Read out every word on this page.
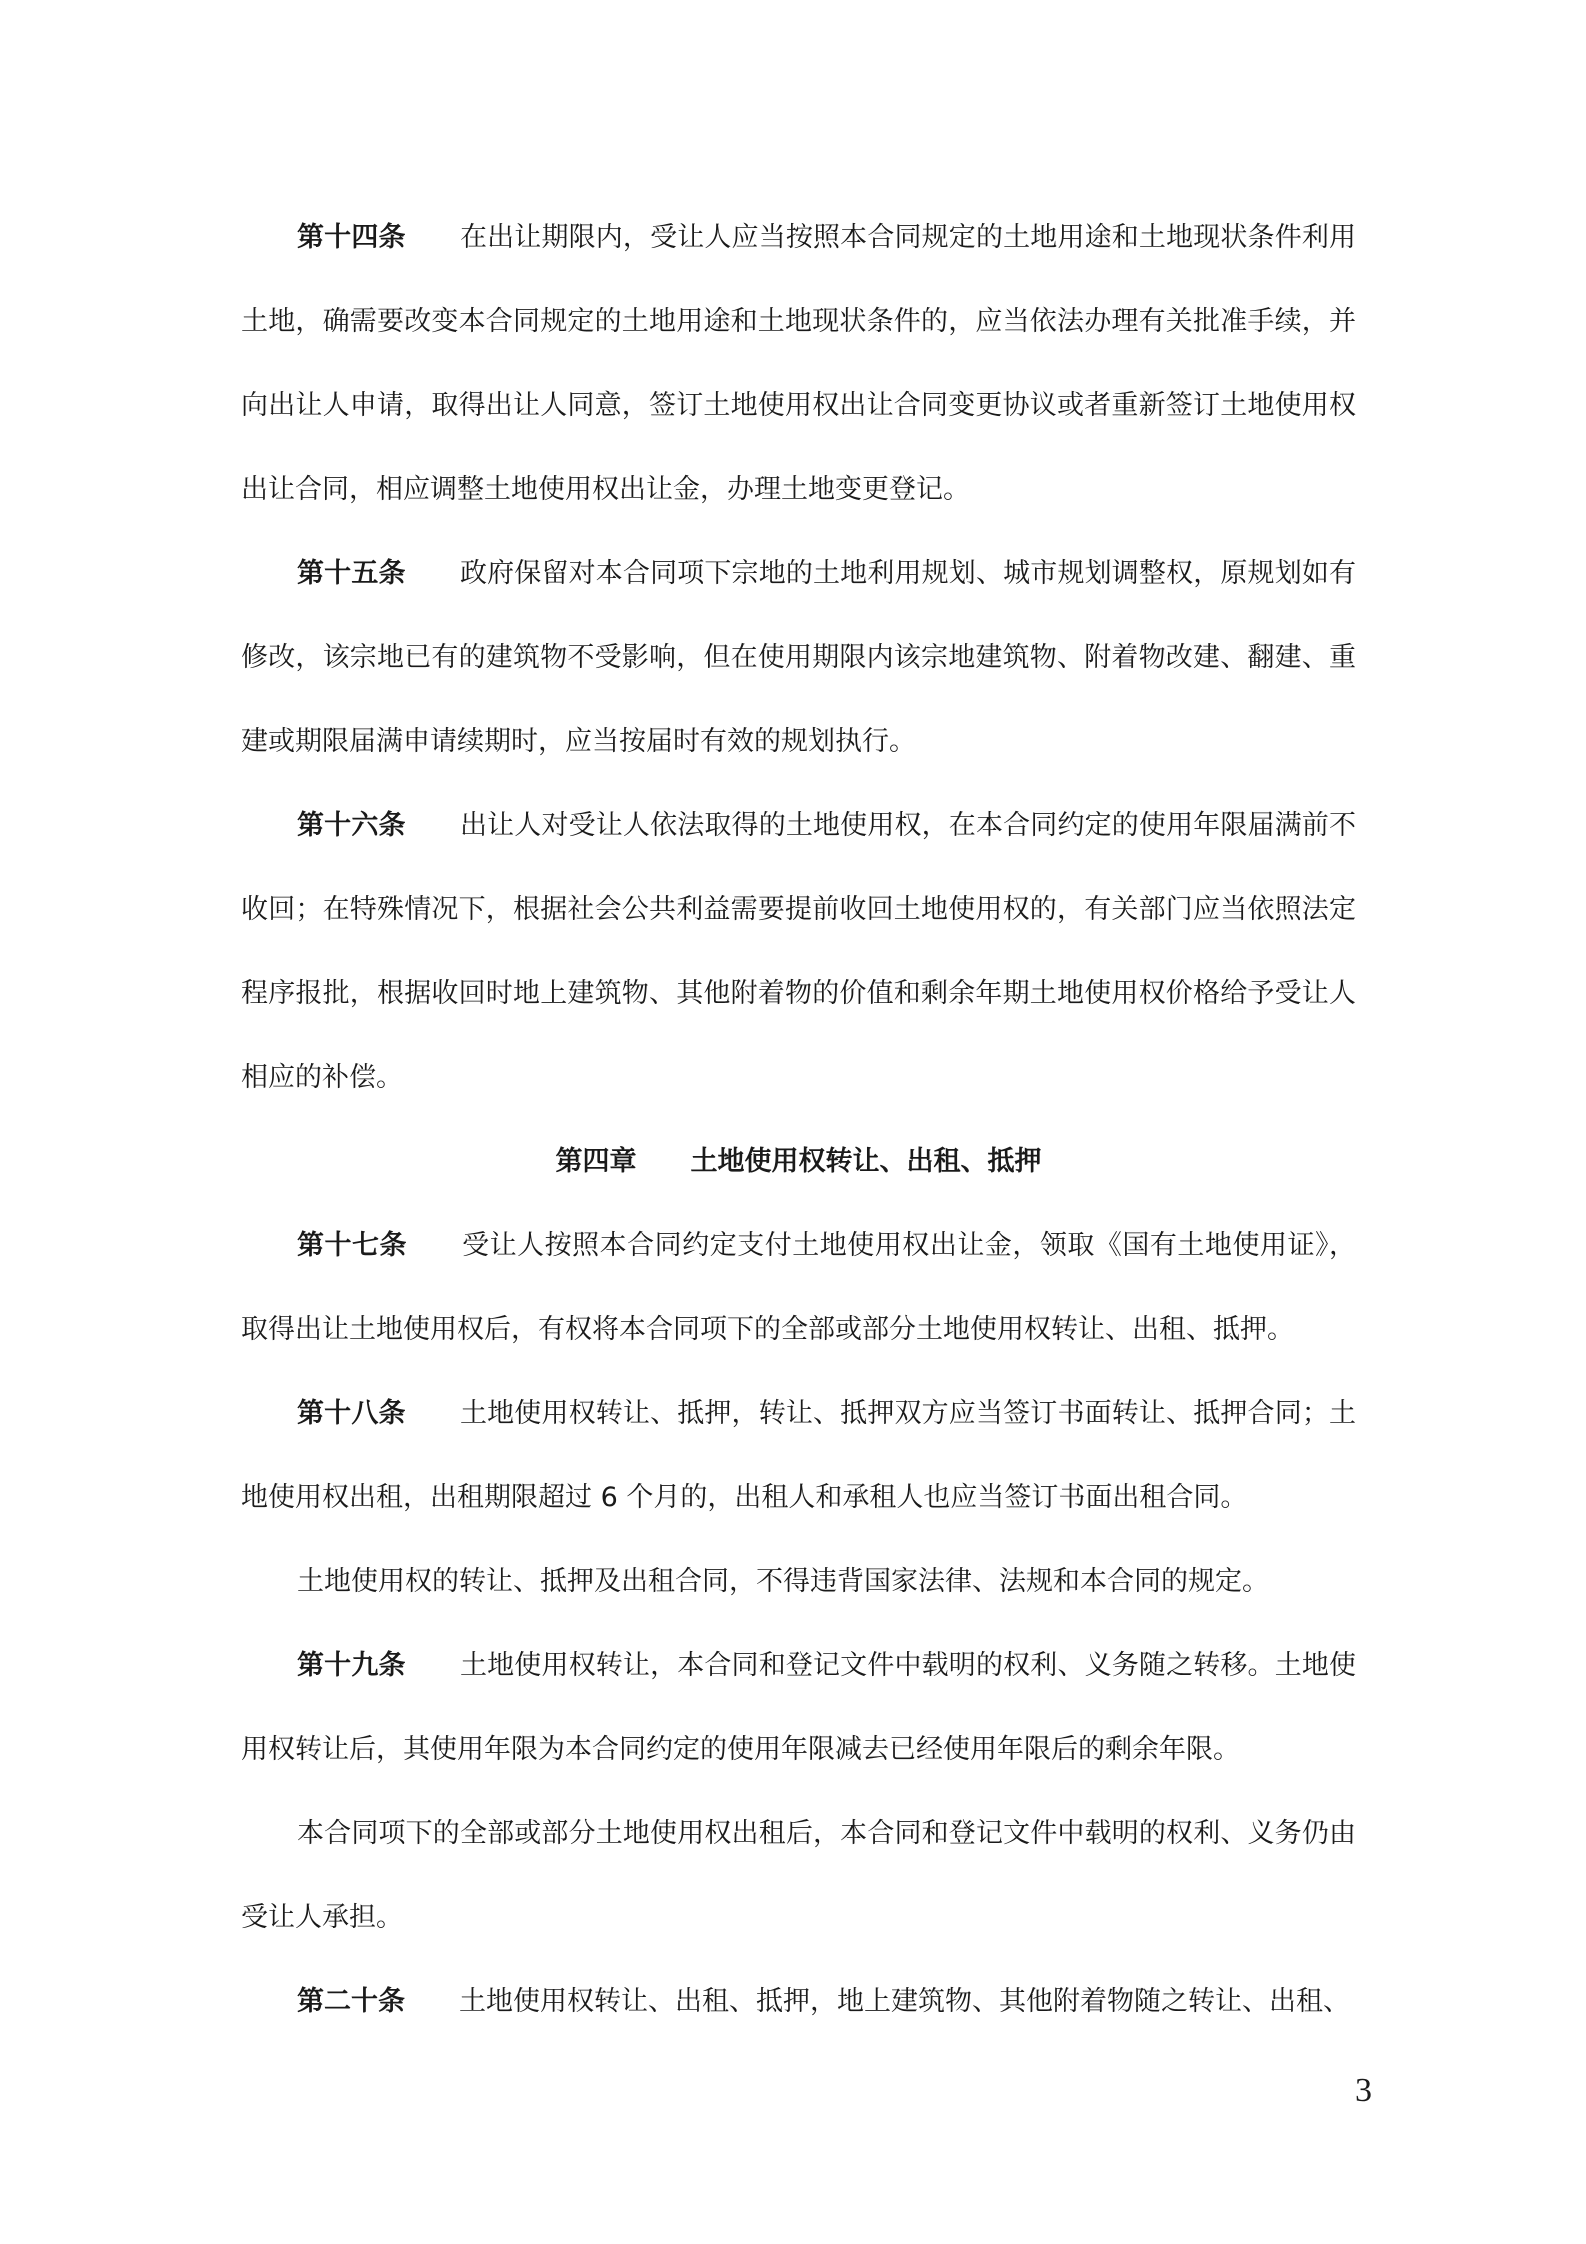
第十四条 在出让期限内，受让人应当按照本合同规定的土地用途和土地现状条件利用土地，确需要改变本合同规定的土地用途和土地现状条件的，应当依法办理有关批准手续，并向出让人申请，取得出让人同意，签订土地使用权出让合同变更协议或者重新签订土地使用权出让合同，相应调整土地使用权出让金，办理土地变更登记。

第十五条 政府保留对本合同项下宗地的土地利用规划、城市规划调整权，原规划如有修改，该宗地已有的建筑物不受影响，但在使用期限内该宗地建筑物、附着物改建、翻建、重建或期限届满申请续期时，应当按届时有效的规划执行。

第十六条 出让人对受让人依法取得的土地使用权，在本合同约定的使用年限届满前不收回；在特殊情况下，根据社会公共利益需要提前收回土地使用权的，有关部门应当依照法定程序报批，根据收回时地上建筑物、其他附着物的价值和剩余年期土地使用权价格给予受让人相应的补偿。

第四章 土地使用权转让、出租、抵押

第十七条 受让人按照本合同约定支付土地使用权出让金，领取《国有土地使用证》，取得出让土地使用权后，有权将本合同项下的全部或部分土地使用权转让、出租、抵押。

第十八条 土地使用权转让、抵押，转让、抵押双方应当签订书面转让、抵押合同；土地使用权出租，出租期限超过 6 个月的，出租人和承租人也应当签订书面出租合同。

土地使用权的转让、抵押及出租合同，不得违背国家法律、法规和本合同的规定。

第十九条 土地使用权转让，本合同和登记文件中载明的权利、义务随之转移。土地使用权转让后，其使用年限为本合同约定的使用年限减去已经使用年限后的剩余年限。

本合同项下的全部或部分土地使用权出租后，本合同和登记文件中载明的权利、义务仍由受让人承担。

第二十条 土地使用权转让、出租、抵押，地上建筑物、其他附着物随之转让、出租、

3
